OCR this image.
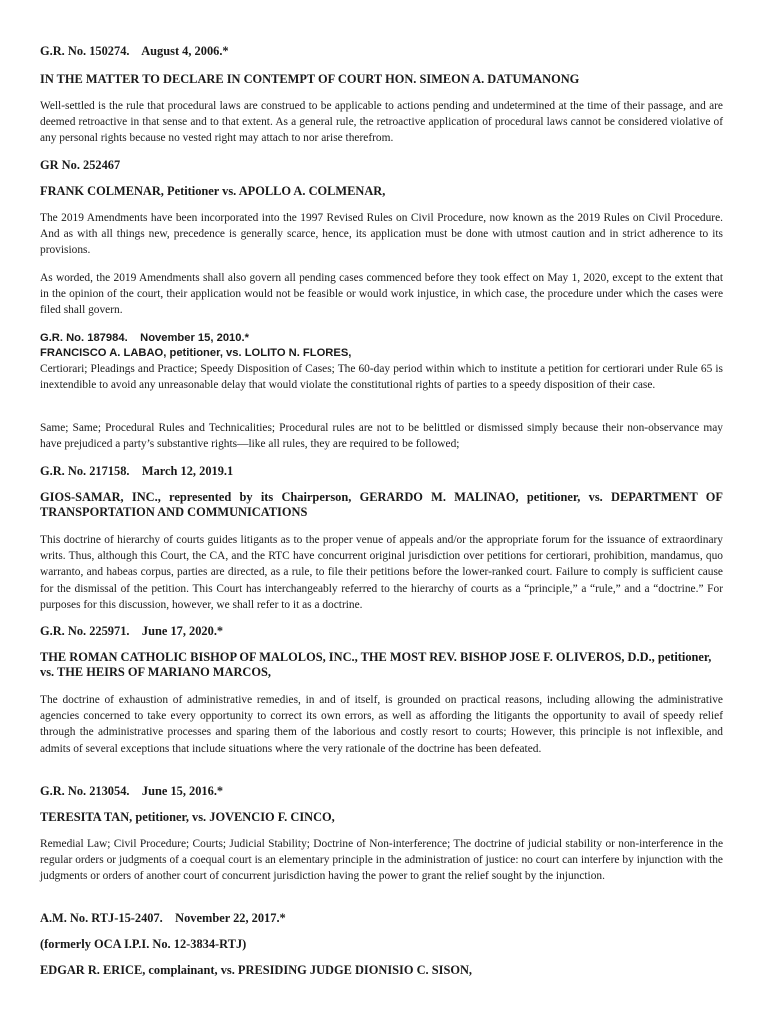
G.R. No. 150274.    August 4, 2006.*
IN THE MATTER TO DECLARE IN CONTEMPT OF COURT HON. SIMEON A. DATUMANONG

Well-settled is the rule that procedural laws are construed to be applicable to actions pending and undetermined at the time of their passage, and are deemed retroactive in that sense and to that extent. As a general rule, the retroactive application of procedural laws cannot be considered violative of any personal rights because no vested right may attach to nor arise therefrom.

GR No. 252467
FRANK COLMENAR, Petitioner vs. APOLLO A. COLMENAR,

The 2019 Amendments have been incorporated into the 1997 Revised Rules on Civil Procedure, now known as the 2019 Rules on Civil Procedure. And as with all things new, precedence is generally scarce, hence, its application must be done with utmost caution and in strict adherence to its provisions.

As worded, the 2019 Amendments shall also govern all pending cases commenced before they took effect on May 1, 2020, except to the extent that in the opinion of the court, their application would not be feasible or would work injustice, in which case, the procedure under which the cases were filed shall govern.

G.R. No. 187984.    November 15, 2010.*
FRANCISCO A. LABAO, petitioner, vs. LOLITO N. FLORES,

Certiorari; Pleadings and Practice; Speedy Disposition of Cases; The 60-day period within which to institute a petition for certiorari under Rule 65 is inextendible to avoid any unreasonable delay that would violate the constitutional rights of parties to a speedy disposition of their case.

Same; Same; Procedural Rules and Technicalities; Procedural rules are not to be belittled or dismissed simply because their non-observance may have prejudiced a party’s substantive rights—like all rules, they are required to be followed;

G.R. No. 217158.    March 12, 2019.1
GIOS-SAMAR, INC., represented by its Chairperson, GERARDO M. MALINAO, petitioner, vs. DEPARTMENT OF TRANSPORTATION AND COMMUNICATIONS

This doctrine of hierarchy of courts guides litigants as to the proper venue of appeals and/or the appropriate forum for the issuance of extraordinary writs. Thus, although this Court, the CA, and the RTC have concurrent original jurisdiction over petitions for certiorari, prohibition, mandamus, quo warranto, and habeas corpus, parties are directed, as a rule, to file their petitions before the lower-ranked court. Failure to comply is sufficient cause for the dismissal of the petition. This Court has interchangeably referred to the hierarchy of courts as a “principle,” a “rule,” and a “doctrine.” For purposes for this discussion, however, we shall refer to it as a doctrine.

G.R. No. 225971.    June 17, 2020.*
THE ROMAN CATHOLIC BISHOP OF MALOLOS, INC., THE MOST REV. BISHOP JOSE F. OLIVEROS, D.D., petitioner, vs. THE HEIRS OF MARIANO MARCOS,

The doctrine of exhaustion of administrative remedies, in and of itself, is grounded on practical reasons, including allowing the administrative agencies concerned to take every opportunity to correct its own errors, as well as affording the litigants the opportunity to avail of speedy relief through the administrative processes and sparing them of the laborious and costly resort to courts; However, this principle is not inflexible, and admits of several exceptions that include situations where the very rationale of the doctrine has been defeated.

G.R. No. 213054.    June 15, 2016.*
TERESITA TAN, petitioner, vs. JOVENCIO F. CINCO,

Remedial Law; Civil Procedure; Courts; Judicial Stability; Doctrine of Non-interference; The doctrine of judicial stability or non-interference in the regular orders or judgments of a coequal court is an elementary principle in the administration of justice: no court can interfere by injunction with the judgments or orders of another court of concurrent jurisdiction having the power to grant the relief sought by the injunction.

A.M. No. RTJ-15-2407.    November 22, 2017.*
(formerly OCA I.P.I. No. 12-3834-RTJ)
EDGAR R. ERICE, complainant, vs. PRESIDING JUDGE DIONISIO C. SISON,
